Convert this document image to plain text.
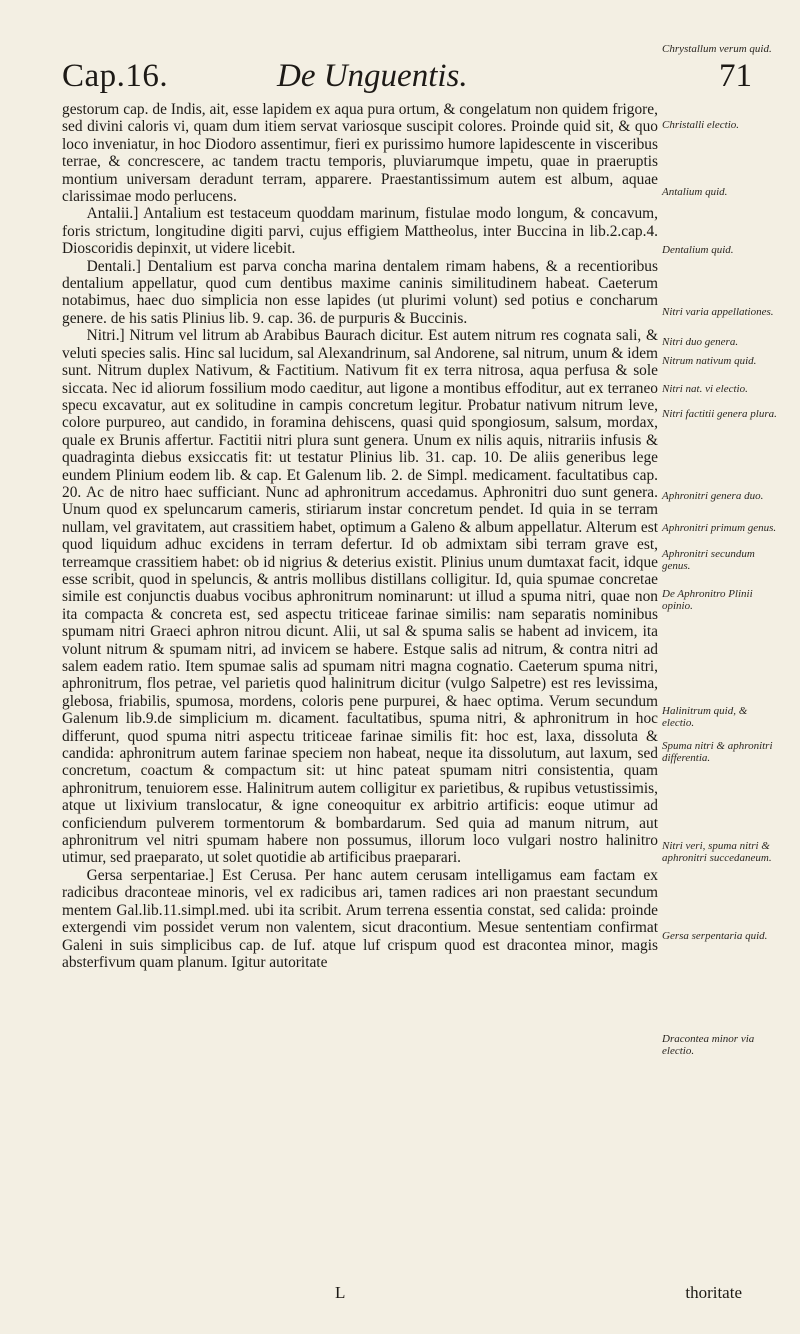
Cap.16.	De Unguentis.	71

gestorum cap. de Indis, ait, esse lapidem ex aqua pura ortum, & congelatum non quidem frigore, sed divini caloris vi, quam dum itiem servat variosque suscipit colores. Proinde quid sit, & quo loco inveniatur, in hoc Diodoro assentimur, fieri ex purissimo humore lapidescente in visceribus terrae, & concrescere, ac tandem tractu temporis, pluviarumque impetu, quae in praeruptis montium universam deradunt terram, apparere. Praestantissimum autem est album, aquae clarissimae modo perlucens.

Antalii.] Antalium est testaceum quoddam marinum, fistulae modo longum, & concavum, foris strictum, longitudine digiti parvi, cujus effigiem Mattheolus, inter Buccina in lib.2.cap.4. Dioscoridis depinxit, ut videre licebit.

Dentali.] Dentalium est parva concha marina dentalem rimam habens, & a recentioribus dentalium appellatur, quod cum dentibus maxime caninis similitudinem habeat. Caeterum notabimus, haec duo simplicia non esse lapides (ut plurimi volunt) sed potius e concharum genere. de his satis Plinius lib. 9. cap. 36. de purpuris & Buccinis.

Nitri.] Nitrum vel litrum ab Arabibus Baurach dicitur. Est autem nitrum res cognata sali, & veluti species salis. Hinc sal lucidum, sal Alexandrinum, sal Andorene, sal nitrum, unum & idem sunt. Nitrum duplex Nativum, & Factitium. Nativum fit ex terra nitrosa, aqua perfusa & sole siccata. Nec id aliorum fossilium modo caeditur, aut ligone a montibus effoditur, aut ex terraneo specu excavatur, aut ex solitudine in campis concretum legitur. Probatur nativum nitrum leve, colore purpureo, aut candido, in foramina dehiscens, quasi quid spongiosum, salsum, mordax, quale ex Brunis affertur. Factitii nitri plura sunt genera. Unum ex nilis aquis, nitrariis infusis & quadraginta diebus exsiccatis fit: ut testatur Plinius lib. 31. cap. 10. De aliis generibus lege eundem Plinium eodem lib. & cap. Et Galenum lib. 2. de Simpl. medicament. facultatibus cap. 20. Ac de nitro haec sufficiant. Nunc ad aphronitrum accedamus. Aphronitri duo sunt genera. Unum quod ex speluncarum cameris, stiriarum instar concretum pendet. Id quia in se terram nullam, vel gravitatem, aut crassitiem habet, optimum a Galeno & album appellatur. Alterum est quod liquidum adhuc excidens in terram defertur. Id ob admixtam sibi terram grave est, terreamque crassitiem habet: ob id nigrius & deterius existit. Plinius unum dumtaxat facit, idque esse scribit, quod in speluncis, & antris mollibus distillans colligitur. Id, quia spumae concretae simile est conjunctis duabus vocibus aphronitrum nominarunt: ut illud a spuma nitri, quae non ita compacta & concreta est, sed aspectu triticeae farinae similis: nam separatis nominibus spumam nitri Graeci aphron nitrou dicunt. Alii, ut sal & spuma salis se habent ad invicem, ita volunt nitrum & spumam nitri, ad invicem se habere. Estque salis ad nitrum, & contra nitri ad salem eadem ratio. Item spumae salis ad spumam nitri magna cognatio. Caeterum spuma nitri, aphronitrum, flos petrae, vel parietis quod halinitrum dicitur (vulgo Salpetre) est res levissima, glebosa, friabilis, spumosa, mordens, coloris pene purpurei, & haec optima. Verum secundum Galenum lib.9.de simplicium m. dicament. facultatibus, spuma nitri, & aphronitrum in hoc differunt, quod spuma nitri aspectu triticeae farinae similis fit: hoc est, laxa, dissoluta & candida: aphronitrum autem farinae speciem non habeat, neque ita dissolutum, aut laxum, sed concretum, coactum & compactum sit: ut hinc pateat spumam nitri consistentia, quam aphronitrum, tenuiorem esse. Halinitrum autem colligitur ex parietibus, & rupibus vetustissimis, atque ut lixivium translocatur, & igne coneoquitur ex arbitrio artificis: eoque utimur ad conficiendum pulverem tormentorum & bombardarum. Sed quia ad manum nitrum, aut aphronitrum vel nitri spumam habere non possumus, illorum loco vulgari nostro halinitro utimur, sed praeparato, ut solet quotidie ab artificibus praeparari.

Gersa serpentariae.] Est Cerusa. Per hanc autem cerusam intelligamus eam factam ex radicibus draconteae minoris, vel ex radicibus ari, tamen radices ari non praestant secundum mentem Gal.lib.11.simpl.med. ubi ita scribit. Arum terrena essentia constat, sed calida: proinde extergendi vim possidet verum non valentem, sicut dracontium. Mesue sententiam confirmat Galeni in suis simplicibus cap. de Iuf. atque luf crispum quod est dracontea minor, magis absterfivum quam planum. Igitur autoritate

Chrystallum verum quid.
Christalli electio.
Antalium quid.
Dentalium quid.
Nitri varia appellationes.
Nitri duo genera.
Nitrum nativum quid.
Nitri nat. vi electio.
Nitri factitii genera plura.
Aphronitri genera duo.
Aphronitri primum genus.
Aphronitri secundum genus.
De Aphronitro Plinii opinio.
Halinitrum quid, & electio.
Spuma nitri & aphronitri differentia.
Nitri veri, spuma nitri & aphronitri succedaneum.
Gersa serpentaria quid.
Dracontea minor via electio.
L	thoritate
